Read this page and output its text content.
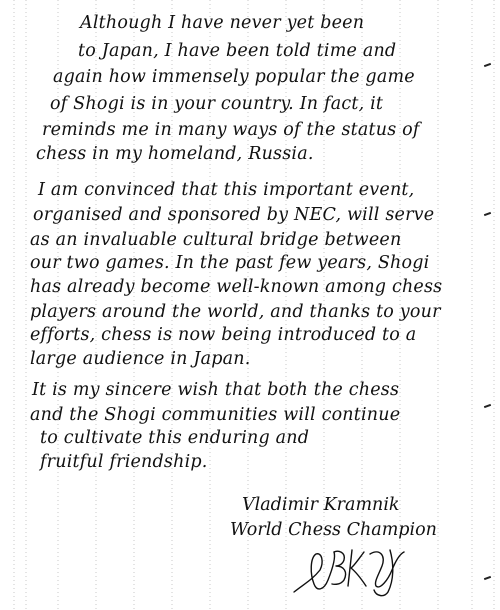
Although I have never yet been
to Japan, I have been told time and
again how immensely popular the game
of Shogi is in your country. In fact, it
reminds me in many ways of the status of
chess in my homeland, Russia.
I am convinced that this important event,
organised and sponsored by NEC, will serve
as an invaluable cultural bridge between
our two games. In the past few years, Shogi
has already become well-known among chess
players around the world, and thanks to your
efforts, chess is now being introduced to a
large audience in Japan.
It is my sincere wish that both the chess
and the Shogi communities will continue
to cultivate this enduring and
fruitful friendship.
Vladimir Kramnik
World Chess Champion
